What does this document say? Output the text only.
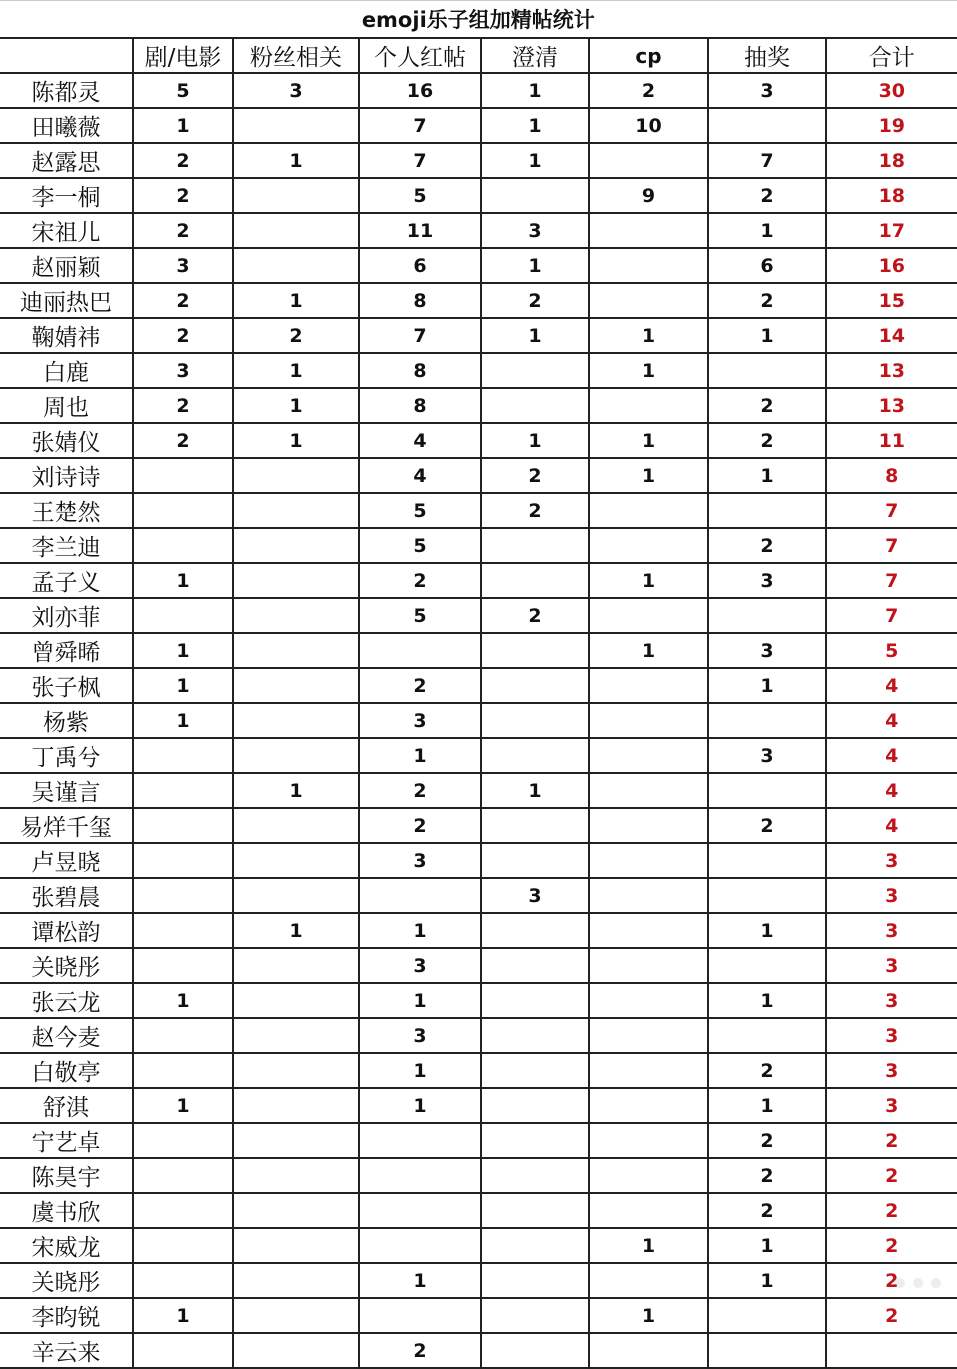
emoji乐子组加精帖统计							
	剧/电影	粉丝相关	个人红帖	澄清	cp	抽奖	合计
陈都灵	5	3	16	1	2	3	30
田曦薇	1		7	1	10		19
赵露思	2	1	7	1		7	18
李一桐	2		5		9	2	18
宋祖儿	2		11	3		1	17
赵丽颖	3		6	1		6	16
迪丽热巴	2	1	8	2		2	15
鞠婧祎	2	2	7	1	1	1	14
白鹿	3	1	8		1		13
周也	2	1	8			2	13
张婧仪	2	1	4	1	1	2	11
刘诗诗			4	2	1	1	8
王楚然			5	2			7
李兰迪			5			2	7
孟子义	1		2		1	3	7
刘亦菲			5	2			7
曾舜晞	1				1	3	5
张子枫	1		2			1	4
杨紫	1		3				4
丁禹兮			1			3	4
吴谨言		1	2	1			4
易烊千玺			2			2	4
卢昱晓			3				3
张碧晨				3			3
谭松韵		1	1			1	3
关晓彤			3				3
张云龙	1		1			1	3
赵今麦			3				3
白敬亭			1			2	3
舒淇	1		1			1	3
宁艺卓						2	2
陈昊宇						2	2
虞书欣						2	2
宋威龙					1	1	2
关晓彤			1			1	2
李昀锐	1				1		2
辛云来			2				
